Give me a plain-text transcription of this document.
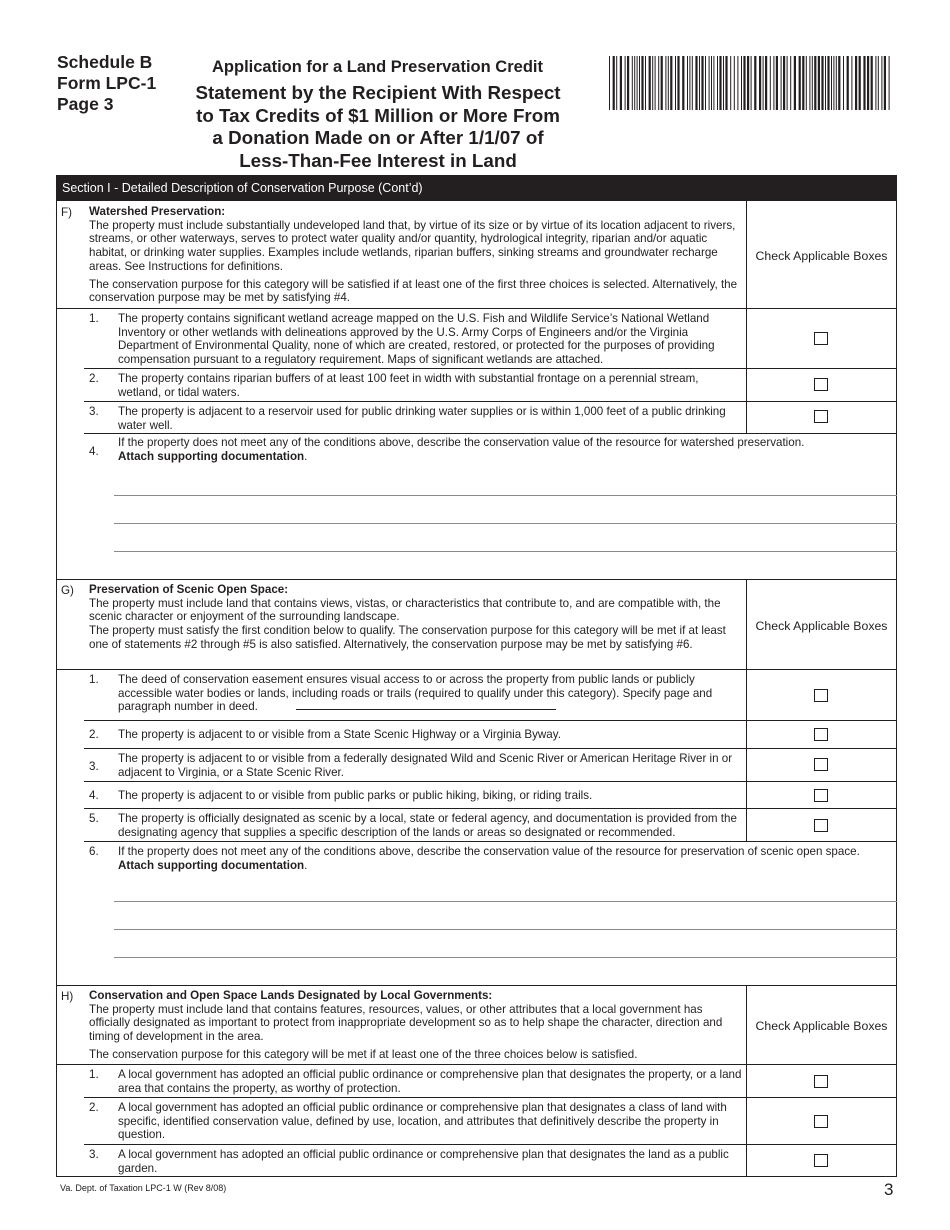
Schedule B
Form LPC-1
Page 3
Application for a Land Preservation Credit
Statement by the Recipient With Respect
to Tax Credits of $1 Million or More From
a Donation Made on or After 1/1/07 of
Less-Than-Fee Interest in Land
Section I - Detailed Description of Conservation Purpose (Cont’d)
F) Watershed Preservation:
The property must include substantially undeveloped land that, by virtue of its size or by virtue of its location adjacent to rivers, streams, or other waterways, serves to protect water quality and/or quantity, hydrological integrity, riparian and/or aquatic habitat, or drinking water supplies. Examples include wetlands, riparian buffers, sinking streams and groundwater recharge areas. See Instructions for definitions.
The conservation purpose for this category will be satisfied if at least one of the first three choices is selected. Alternatively, the conservation purpose may be met by satisfying #4.
Check Applicable Boxes
1. The property contains significant wetland acreage mapped on the U.S. Fish and Wildlife Service’s National Wetland Inventory or other wetlands with delineations approved by the U.S. Army Corps of Engineers and/or the Virginia Department of Environmental Quality, none of which are created, restored, or protected for the purposes of providing compensation pursuant to a regulatory requirement. Maps of significant wetlands are attached.
2. The property contains riparian buffers of at least 100 feet in width with substantial frontage on a perennial stream, wetland, or tidal waters.
3. The property is adjacent to a reservoir used for public drinking water supplies or is within 1,000 feet of a public drinking water well.
4.
If the property does not meet any of the conditions above, describe the conservation value of the resource for watershed preservation.
Attach supporting documentation.
G) Preservation of Scenic Open Space:
The property must include land that contains views, vistas, or characteristics that contribute to, and are compatible with, the scenic character or enjoyment of the surrounding landscape.
The property must satisfy the first condition below to qualify. The conservation purpose for this category will be met if at least one of statements #2 through #5 is also satisfied. Alternatively, the conservation purpose may be met by satisfying #6.
Check Applicable Boxes
1. The deed of conservation easement ensures visual access to or across the property from public lands or publicly accessible water bodies or lands, including roads or trails (required to qualify under this category). Specify page and paragraph number in deed.
2. The property is adjacent to or visible from a State Scenic Highway or a Virginia Byway.
3.
The property is adjacent to or visible from a federally designated Wild and Scenic River or American Heritage River in or adjacent to Virginia, or a State Scenic River.
4. The property is adjacent to or visible from public parks or public hiking, biking, or riding trails.
5. The property is officially designated as scenic by a local, state or federal agency, and documentation is provided from the designating agency that supplies a specific description of the lands or areas so designated or recommended.
6. If the property does not meet any of the conditions above, describe the conservation value of the resource for preservation of scenic open space. Attach supporting documentation.
H) Conservation and Open Space Lands Designated by Local Governments:
The property must include land that contains features, resources, values, or other attributes that a local government has officially designated as important to protect from inappropriate development so as to help shape the character, direction and timing of development in the area.
The conservation purpose for this category will be met if at least one of the three choices below is satisfied.
Check Applicable Boxes
1. A local government has adopted an official public ordinance or comprehensive plan that designates the property, or a land area that contains the property, as worthy of protection.
2. A local government has adopted an official public ordinance or comprehensive plan that designates a class of land with specific, identified conservation value, defined by use, location, and attributes that definitively describe the property in question.
3. A local government has adopted an official public ordinance or comprehensive plan that designates the land as a public garden.
Va. Dept. of Taxation LPC-1 W (Rev 8/08)	3
